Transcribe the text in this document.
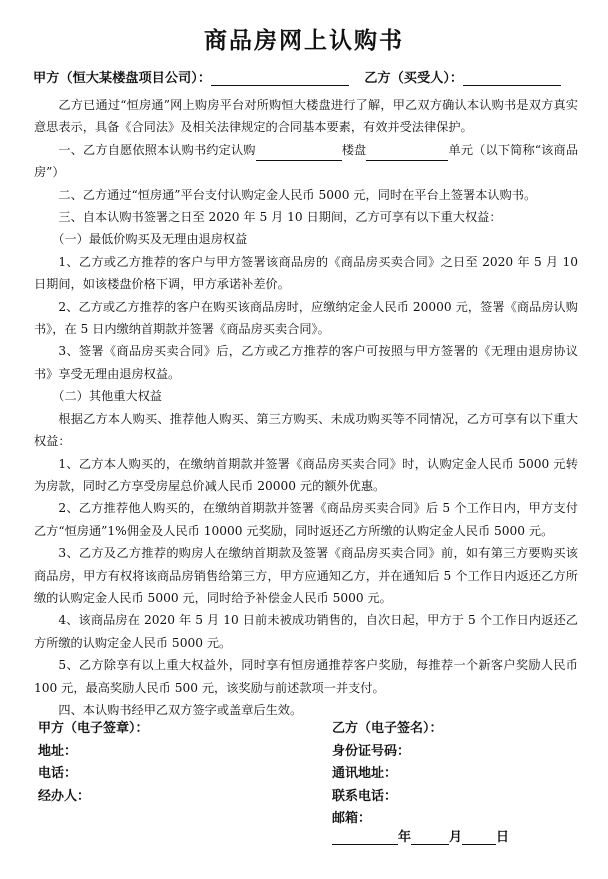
商品房网上认购书
甲方（恒大某楼盘项目公司）：	乙方（买受人）：

乙方已通过“恒房通”网上购房平台对所购恒大楼盘进行了解，甲乙双方确认本认购书是双方真实意思表示，具备《合同法》及相关法律规定的合同基本要素，有效并受法律保护。

一、乙方自愿依照本认购书约定认购	楼盘	单元（以下简称“该商品房”）

二、乙方通过“恒房通”平台支付认购定金人民币 5000 元，同时在平台上签署本认购书。

三、自本认购书签署之日至 2020 年 5 月 10 日期间，乙方可享有以下重大权益：

（一）最低价购买及无理由退房权益

1、乙方或乙方推荐的客户与甲方签署该商品房的《商品房买卖合同》之日至 2020 年 5 月 10 日期间，如该楼盘价格下调，甲方承诺补差价。

2、乙方或乙方推荐的客户在购买该商品房时，应缴纳定金人民币 20000 元，签署《商品房认购书》，在 5 日内缴纳首期款并签署《商品房买卖合同》。

3、签署《商品房买卖合同》后，乙方或乙方推荐的客户可按照与甲方签署的《无理由退房协议书》享受无理由退房权益。

（二）其他重大权益

根据乙方本人购买、推荐他人购买、第三方购买、未成功购买等不同情况，乙方可享有以下重大权益：

1、乙方本人购买的，在缴纳首期款并签署《商品房买卖合同》时，认购定金人民币 5000 元转为房款，同时乙方享受房屋总价减人民币 20000 元的额外优惠。

2、乙方推荐他人购买的，在缴纳首期款并签署《商品房买卖合同》后 5 个工作日内，甲方支付乙方“恒房通”1%佣金及人民币 10000 元奖励，同时返还乙方所缴的认购定金人民币 5000 元。

3、乙方及乙方推荐的购房人在缴纳首期款及签署《商品房买卖合同》前，如有第三方要购买该商品房，甲方有权将该商品房销售给第三方，甲方应通知乙方，并在通知后 5 个工作日内返还乙方所缴的认购定金人民币 5000 元，同时给予补偿金人民币 5000 元。

4、该商品房在 2020 年 5 月 10 日前未被成功销售的，自次日起，甲方于 5 个工作日内返还乙方所缴的认购定金人民币 5000 元。

5、乙方除享有以上重大权益外，同时享有恒房通推荐客户奖励，每推荐一个新客户奖励人民币 100 元，最高奖励人民币 500 元，该奖励与前述款项一并支付。

四、本认购书经甲乙双方签字或盖章后生效。

甲方（电子签章）：
地址：
电话：
经办人：
乙方（电子签名）：
身份证号码：
通讯地址：
联系电话：
邮箱：
年	月	日
